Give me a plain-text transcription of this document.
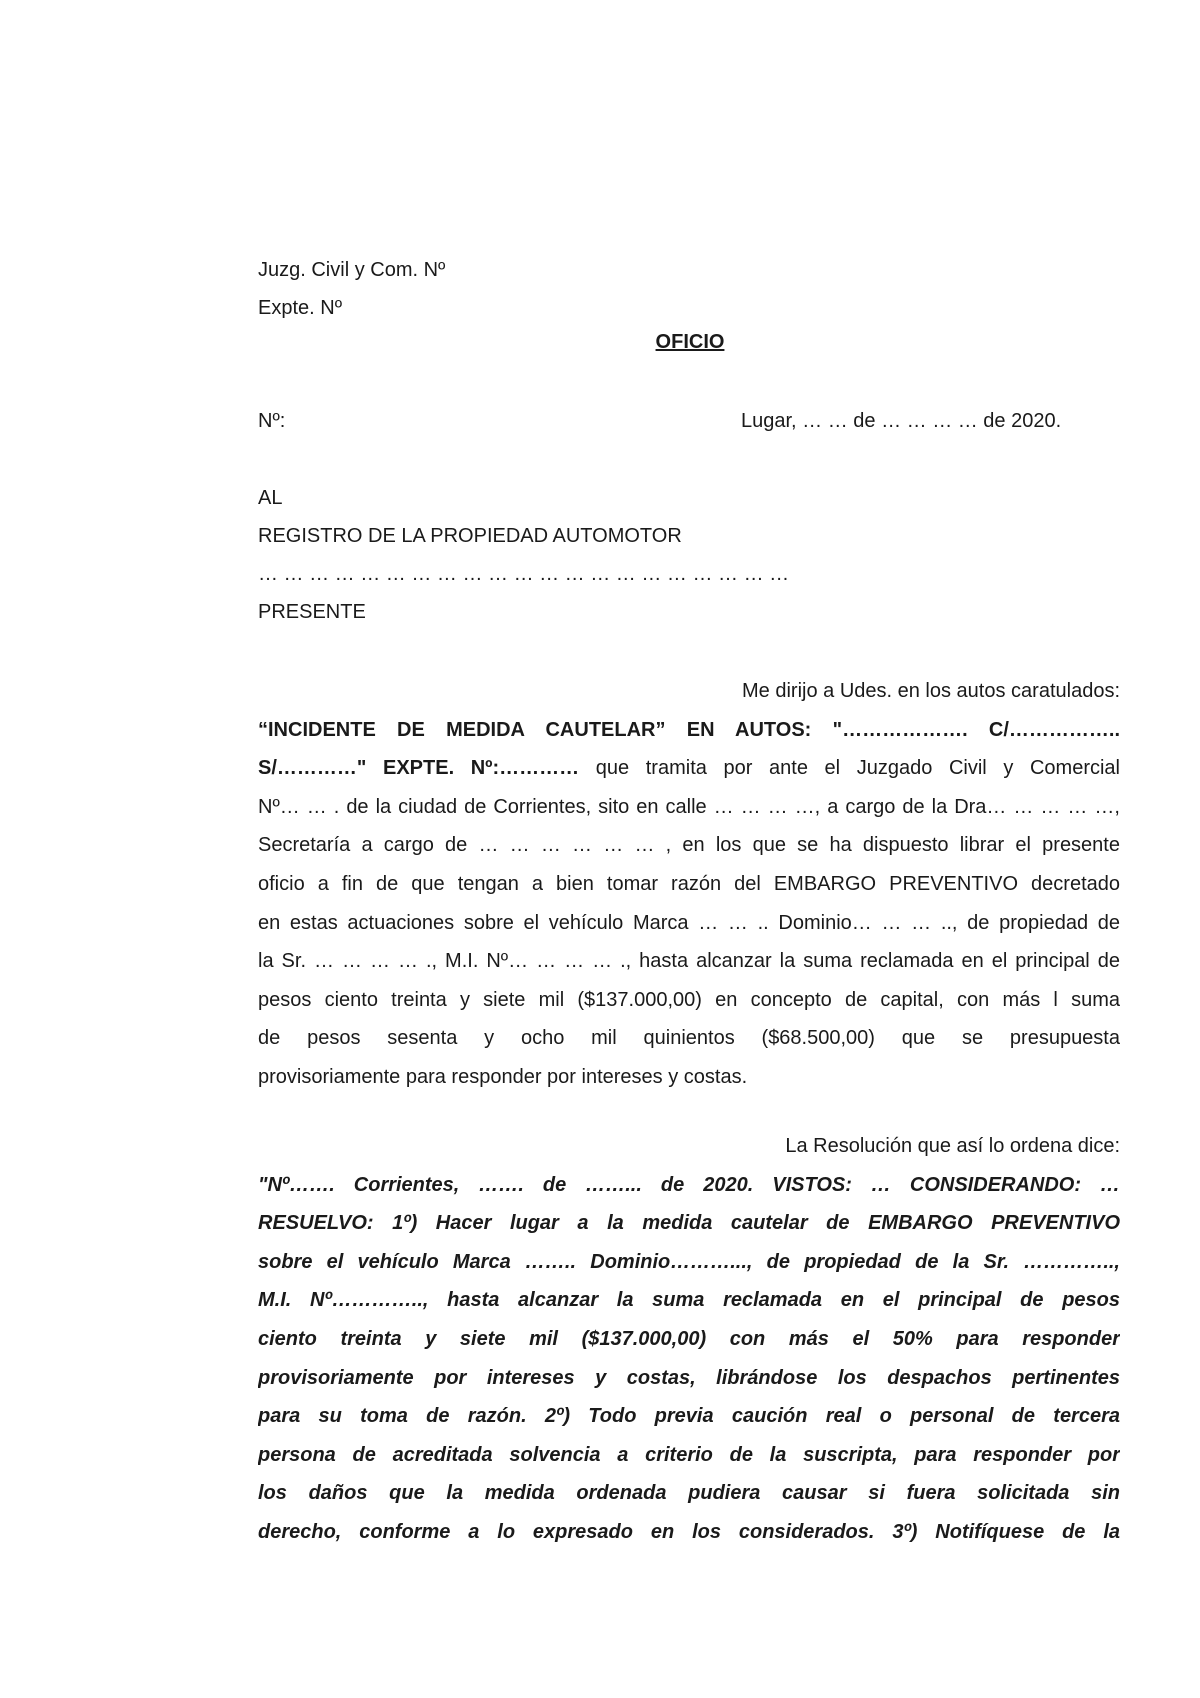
Juzg. Civil y Com. Nº
Expte. Nº
OFICIO
Nº:	Lugar, … … de … … … … de 2020.
AL
REGISTRO DE LA PROPIEDAD AUTOMOTOR
… … … … … … … … … … … … … … … … … … … … …
PRESENTE
Me dirijo a Udes. en los autos caratulados:
“INCIDENTE DE MEDIDA CAUTELAR” EN AUTOS: "………………. C/……………..
S/…………" EXPTE. Nº:………… que tramita por ante el Juzgado Civil y Comercial
Nº… … . de la ciudad de Corrientes, sito en calle … … … …, a cargo de la Dra… … … … …,
Secretaría a cargo de … … … … … … , en los que se ha dispuesto librar el presente
oficio a fin de que tengan a bien tomar razón del EMBARGO PREVENTIVO decretado
en estas actuaciones sobre el vehículo Marca … … .. Dominio… … … .., de propiedad de
la Sr. … … … … ., M.I. Nº… … … … ., hasta alcanzar la suma reclamada en el principal de
pesos ciento treinta y siete mil ($137.000,00) en concepto de capital, con más l suma
de pesos sesenta y ocho mil quinientos ($68.500,00) que se presupuesta
provisoriamente para responder por intereses y costas.
La Resolución que así lo ordena dice:
"Nº……. Corrientes, ……. de ……... de 2020. VISTOS: … CONSIDERANDO: …
RESUELVO: 1º) Hacer lugar a la medida cautelar de EMBARGO PREVENTIVO
sobre el vehículo Marca …….. Dominio………..., de propiedad de la Sr. …………..,
M.I. Nº………….., hasta alcanzar la suma reclamada en el principal de pesos
ciento treinta y siete mil ($137.000,00) con más el 50% para responder
provisoriamente por intereses y costas, librándose los despachos pertinentes
para su toma de razón. 2º) Todo previa caución real o personal de tercera
persona de acreditada solvencia a criterio de la suscripta, para responder por
los daños que la medida ordenada pudiera causar si fuera solicitada sin
derecho, conforme a lo expresado en los considerados. 3º) Notifíquese de la
